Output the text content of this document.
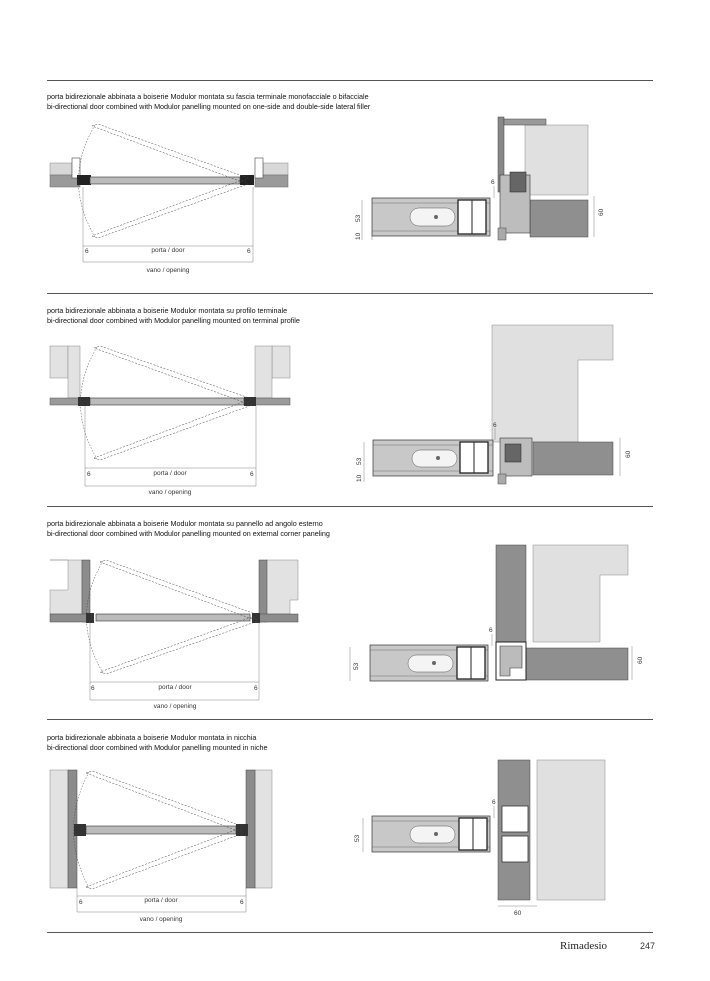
porta bidirezionale abbinata a boiserie Modulor montata su fascia terminale monofacciale o bifacciale
bi-directional door combined with Modulor panelling mounted on one-side and double-side lateral filler
porta bidirezionale abbinata a boiserie Modulor montata su profilo terminale
bi-directional door combined with Modulor panelling mounted on terminal profile
porta bidirezionale abbinata a boiserie Modulor montata su pannello ad angolo esterno
bi-directional door combined with Modulor panelling mounted on external corner paneling
porta bidirezionale abbinata a boiserie Modulor montata in nicchia
bi-directional door combined with Modulor panelling mounted in niche
6	6
porta / door
vano / opening
6
53
10
60
6	6
porta / door
vano / opening
6
53
10
60
6	6
porta / door
vano / opening
6
53
60
6	6
porta / door
vano / opening
6
53
60
Rimadesio	247
